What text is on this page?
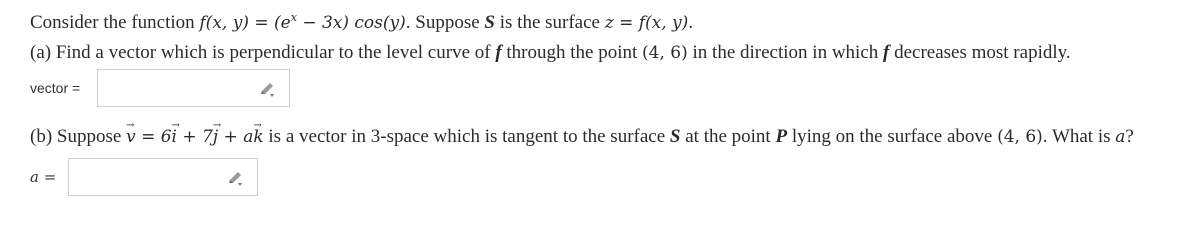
Consider the function f(x, $y) = (e^x - 3x)$ cos(y). Suppose S is the surface z = f(x, y).
(a) Find a vector which is perpendicular to the level curve of f through the point (4, 6) in the direction in which f decreases most rapidly.
vector =
(b) Suppose → v = 6→ i + 7→ j + a→ k is a vector in 3-space which is tangent to the surface S at the point P lying on the surface above (4, 6). What is a?
a =
